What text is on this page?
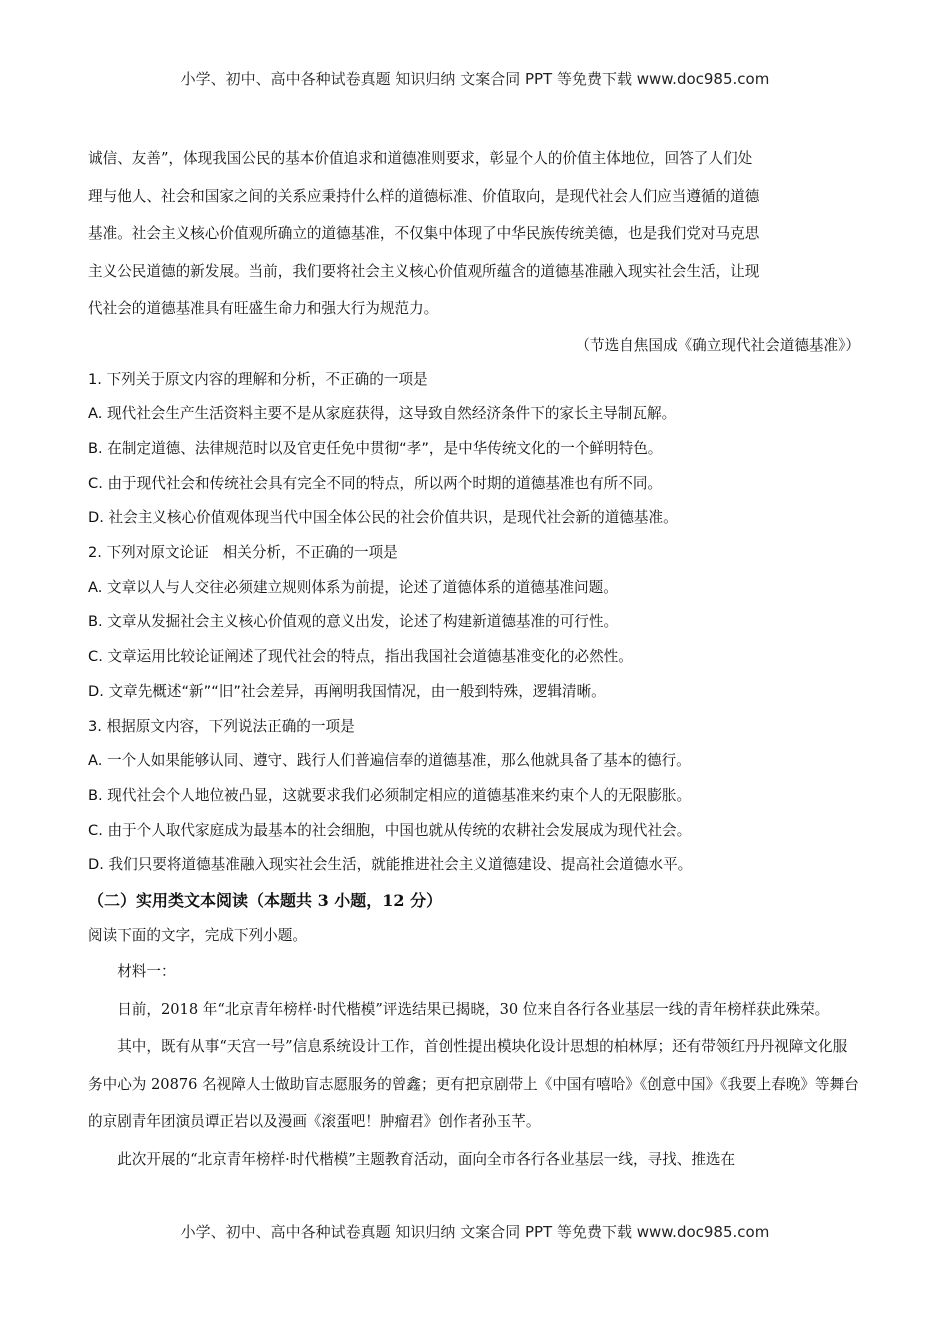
小学、初中、高中各种试卷真题 知识归纳 文案合同 PPT 等免费下载 www.doc985.com

诚信、友善”，体现我国公民的基本价值追求和道德准则要求，彰显个人的价值主体地位，回答了人们处

理与他人、社会和国家之间的关系应秉持什么样的道德标准、价值取向，是现代社会人们应当遵循的道德

基准。社会主义核心价值观所确立的道德基准，不仅集中体现了中华民族传统美德，也是我们党对马克思

主义公民道德的新发展。当前，我们要将社会主义核心价值观所蕴含的道德基准融入现实社会生活，让现

代社会的道德基准具有旺盛生命力和强大行为规范力。

（节选自焦国成《确立现代社会道德基准》）

1. 下列关于原文内容的理解和分析，不正确的一项是

A. 现代社会生产生活资料主要不是从家庭获得，这导致自然经济条件下的家长主导制瓦解。

B. 在制定道德、法律规范时以及官吏任免中贯彻“孝”，是中华传统文化的一个鲜明特色。

C. 由于现代社会和传统社会具有完全不同的特点，所以两个时期的道德基准也有所不同。

D. 社会主义核心价值观体现当代中国全体公民的社会价值共识，是现代社会新的道德基准。

2. 下列对原文论证   相关分析，不正确的一项是

A. 文章以人与人交往必须建立规则体系为前提，论述了道德体系的道德基准问题。

B. 文章从发掘社会主义核心价值观的意义出发，论述了构建新道德基准的可行性。

C. 文章运用比较论证阐述了现代社会的特点，指出我国社会道德基准变化的必然性。

D. 文章先概述“新”“旧”社会差异，再阐明我国情况，由一般到特殊，逻辑清晰。

3. 根据原文内容，下列说法正确的一项是

A. 一个人如果能够认同、遵守、践行人们普遍信奉的道德基准，那么他就具备了基本的德行。

B. 现代社会个人地位被凸显，这就要求我们必须制定相应的道德基准来约束个人的无限膨胀。

C. 由于个人取代家庭成为最基本的社会细胞，中国也就从传统的农耕社会发展成为现代社会。

D. 我们只要将道德基准融入现实社会生活，就能推进社会主义道德建设、提高社会道德水平。

（二）实用类文本阅读（本题共 3 小题，12 分）

阅读下面的文字，完成下列小题。

材料一：

日前，2018 年“北京青年榜样·时代楷模”评选结果已揭晓，30 位来自各行各业基层一线的青年榜样获此殊荣。

其中，既有从事“天宫一号”信息系统设计工作，首创性提出模块化设计思想的柏林厚；还有带领红丹丹视障文化服务中心为 20876 名视障人士做助盲志愿服务的曾鑫；更有把京剧带上《中国有嘻哈》《创意中国》《我要上春晚》等舞台的京剧青年团演员谭正岩以及漫画《滚蛋吧！肿瘤君》创作者孙玉芊。

此次开展的“北京青年榜样·时代楷模”主题教育活动，面向全市各行各业基层一线，寻找、推选在

小学、初中、高中各种试卷真题 知识归纳 文案合同 PPT 等免费下载 www.doc985.com
